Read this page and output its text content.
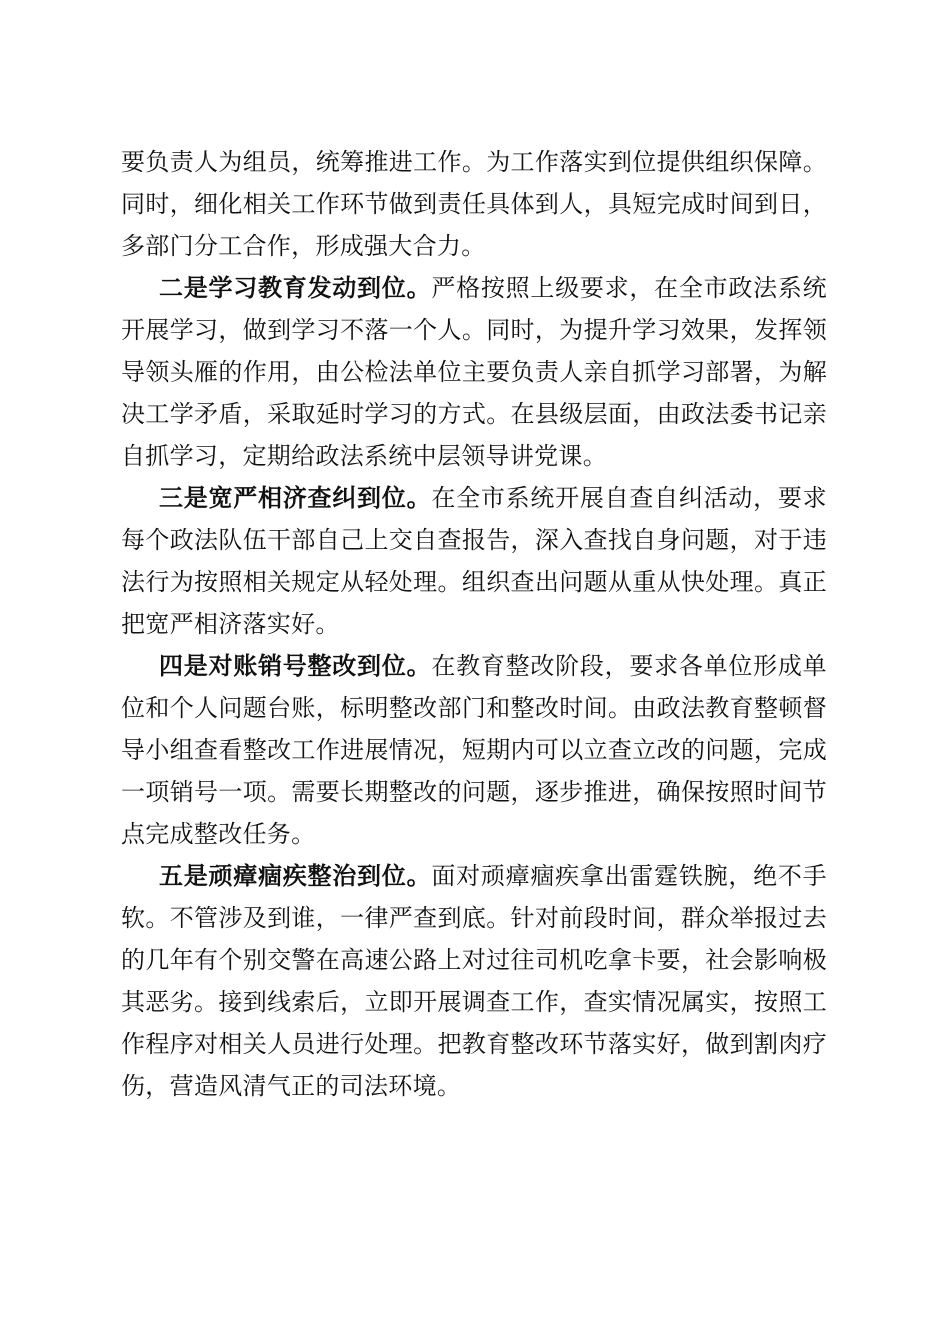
要负责人为组员，统筹推进工作。为工作落实到位提供组织保障。同时，细化相关工作环节做到责任具体到人，具短完成时间到日，多部门分工合作，形成强大合力。

二是学习教育发动到位。严格按照上级要求，在全市政法系统开展学习，做到学习不落一个人。同时，为提升学习效果，发挥领导领头雁的作用，由公检法单位主要负责人亲自抓学习部署，为解决工学矛盾，采取延时学习的方式。在县级层面，由政法委书记亲自抓学习，定期给政法系统中层领导讲党课。

三是宽严相济查纠到位。在全市系统开展自查自纠活动，要求每个政法队伍干部自己上交自查报告，深入查找自身问题，对于违法行为按照相关规定从轻处理。组织查出问题从重从快处理。真正把宽严相济落实好。

四是对账销号整改到位。在教育整改阶段，要求各单位形成单位和个人问题台账，标明整改部门和整改时间。由政法教育整顿督导小组查看整改工作进展情况，短期内可以立查立改的问题，完成一项销号一项。需要长期整改的问题，逐步推进，确保按照时间节点完成整改任务。

五是顽瘴痼疾整治到位。面对顽瘴痼疾拿出雷霆铁腕，绝不手软。不管涉及到谁，一律严查到底。针对前段时间，群众举报过去的几年有个别交警在高速公路上对过往司机吃拿卡要，社会影响极其恶劣。接到线索后，立即开展调查工作，查实情况属实，按照工作程序对相关人员进行处理。把教育整改环节落实好，做到割肉疗伤，营造风清气正的司法环境。
